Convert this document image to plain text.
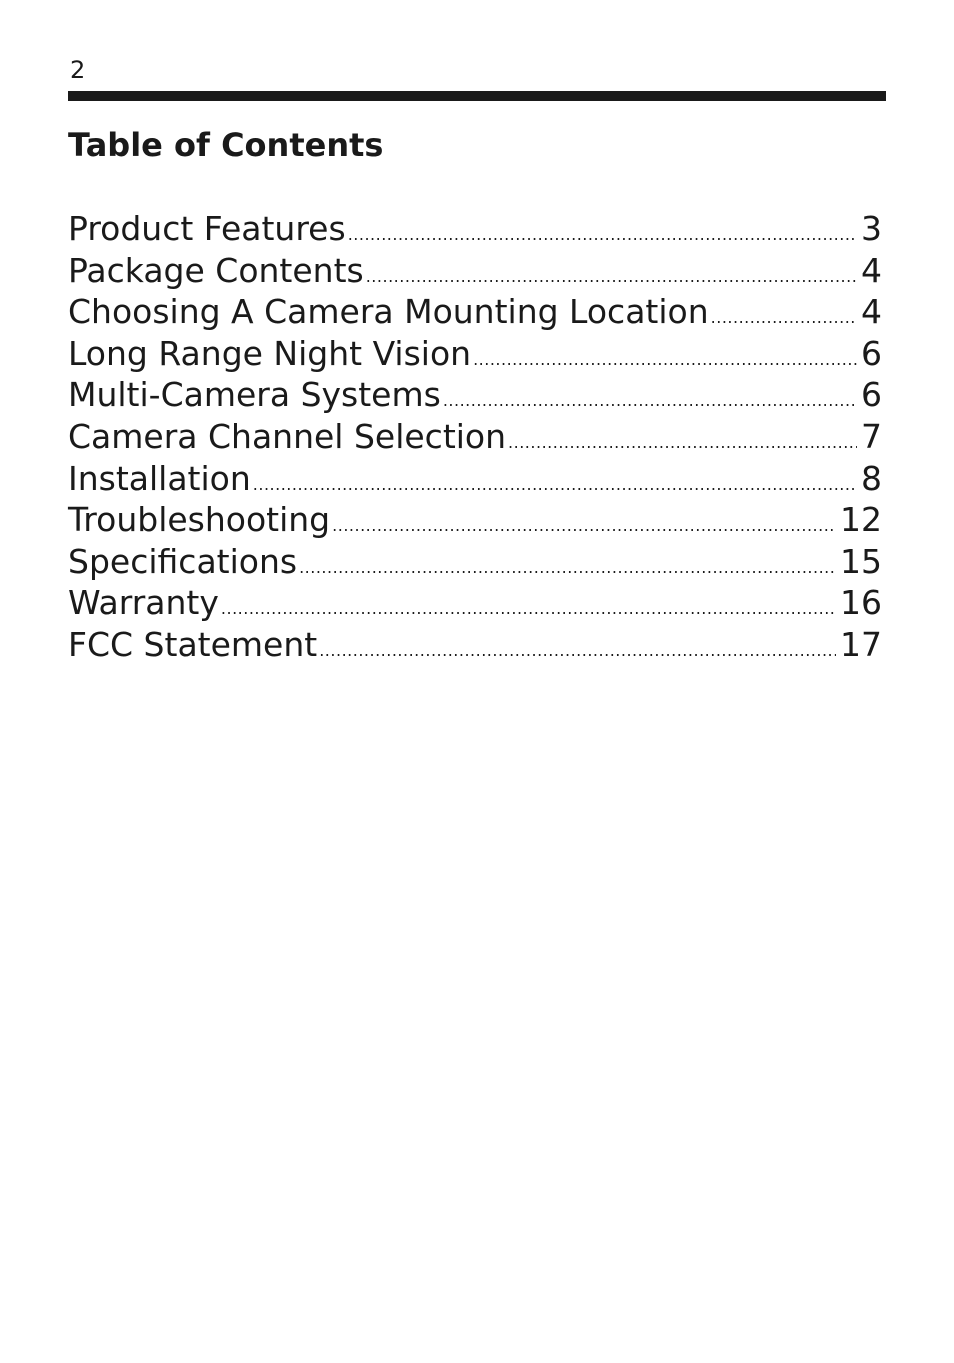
2
Table of Contents
Product Features .....	3
Package Contents .....	4
Choosing A Camera Mounting Location .....	4
Long Range Night Vision .....	6
Multi-Camera Systems .....	6
Camera Channel Selection .....	7
Installation .....	8
Troubleshooting .....	12
Specifications .....	15
Warranty .....	16
FCC Statement .....	17
